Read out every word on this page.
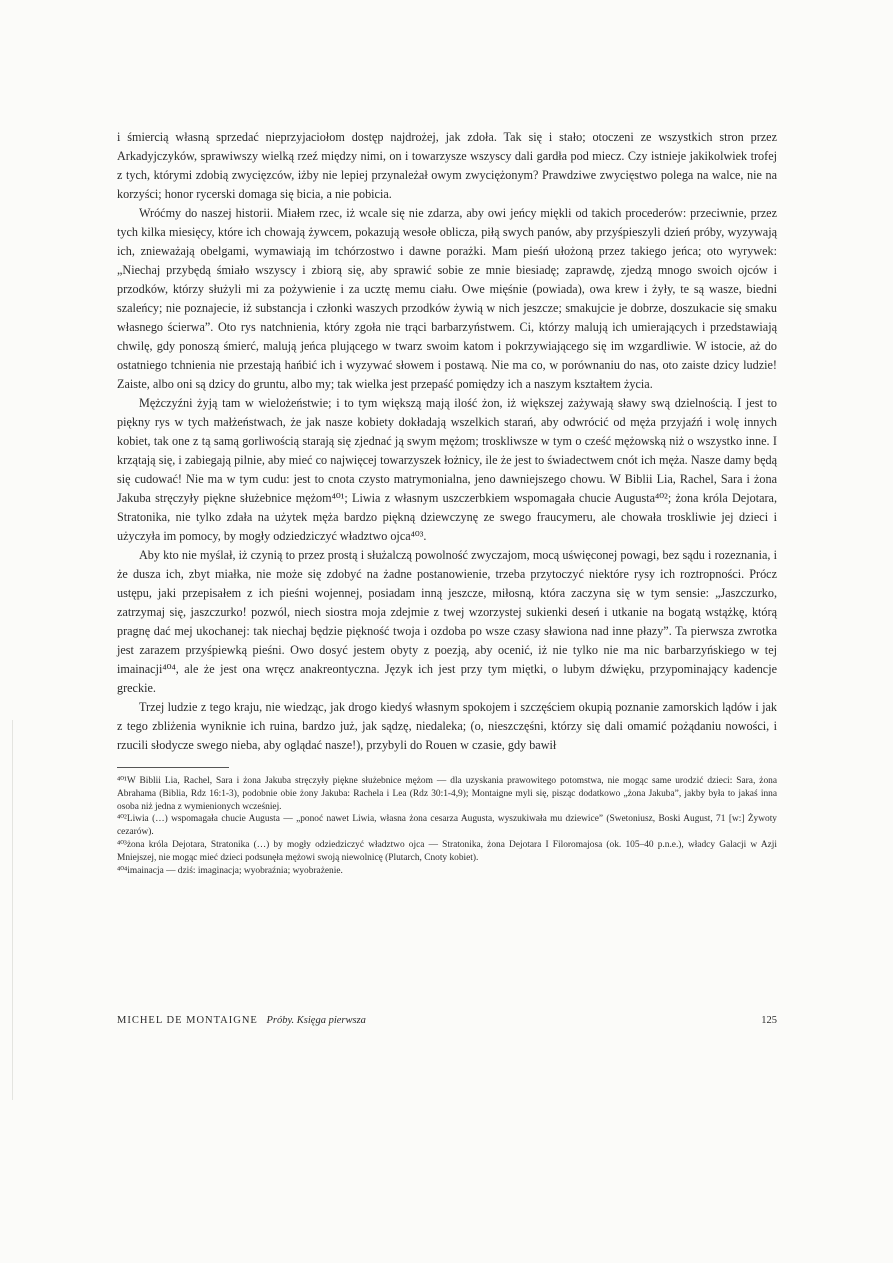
i śmiercią własną sprzedać nieprzyjaciołom dostęp najdrożej, jak zdoła. Tak się i stało; otoczeni ze wszystkich stron przez Arkadyjczyków, sprawiwszy wielką rzeź między nimi, on i towarzysze wszyscy dali gardła pod miecz. Czy istnieje jakikolwiek trofej z tych, którymi zdobią zwycięzców, iżby nie lepiej przynależał owym zwyciężonym? Prawdziwe zwycięstwo polega na walce, nie na korzyści; honor rycerski domaga się bicia, a nie pobicia.

Wróćmy do naszej historii. Miałem rzec, iż wcale się nie zdarza, aby owi jeńcy miękli od takich procederów: przeciwnie, przez tych kilka miesięcy, które ich chowają żywcem, pokazują wesołe oblicza, piłą swych panów, aby przyśpieszyli dzień próby, wyzywają ich, znieważają obelgami, wymawiają im tchórzostwo i dawne porażki. Mam pieśń ułożoną przez takiego jeńca; oto wyrywek: „Niechaj przybędą śmiało wszyscy i zbiorą się, aby sprawić sobie ze mnie biesiadę; zaprawdę, zjedzą mnogo swoich ojców i przodków, którzy służyli mi za pożywienie i za ucztę memu ciału. Owe mięśnie (powiada), owa krew i żyły, te są wasze, biedni szaleńcy; nie poznajecie, iż substancja i członki waszych przodków żywią w nich jeszcze; smakujcie je dobrze, doszukacie się smaku własnego ścierwa”. Oto rys natchnienia, który zgoła nie trąci barbarzyństwem. Ci, którzy malują ich umierających i przedstawiają chwilę, gdy ponoszą śmierć, malują jeńca plującego w twarz swoim katom i pokrzywiającego się im wzgardliwie. W istocie, aż do ostatniego tchnienia nie przestają hańbić ich i wyzywać słowem i postawą. Nie ma co, w porównaniu do nas, oto zaiste dzicy ludzie! Zaiste, albo oni są dzicy do gruntu, albo my; tak wielka jest przepaść pomiędzy ich a naszym kształtem życia.

Mężczyźni żyją tam w wielożeństwie; i to tym większą mają ilość żon, iż większej zażywają sławy swą dzielnością. I jest to piękny rys w tych małżeństwach, że jak nasze kobiety dokładają wszelkich starań, aby odwrócić od męża przyjaźń i wolę innych kobiet, tak one z tą samą gorliwością starają się zjednać ją swym mężom; troskliwsze w tym o cześć mężowską niż o wszystko inne. I krzątają się, i zabiegają pilnie, aby mieć co najwięcej towarzyszek łożnicy, ile że jest to świadectwem cnót ich męża. Nasze damy będą się cudować! Nie ma w tym cudu: jest to cnota czysto matrymonialna, jeno dawniejszego chowu. W Biblii Lia, Rachel, Sara i żona Jakuba stręczyły piękne służebnice mężom⁴⁰¹; Liwia z własnym uszczerbkiem wspomagała chucie Augusta⁴⁰²; żona króla Dejotara, Stratonika, nie tylko zdała na użytek męża bardzo piękną dziewczynę ze swego fraucymeru, ale chowała troskliwie jej dzieci i użyczyła im pomocy, by mogły odziedziczyć władztwo ojca⁴⁰³.

Aby kto nie myślał, iż czynią to przez prostą i służalczą powolność zwyczajom, mocą uświęconej powagi, bez sądu i rozeznania, i że dusza ich, zbyt miałka, nie może się zdobyć na żadne postanowienie, trzeba przytoczyć niektóre rysy ich roztropności. Prócz ustępu, jaki przepisałem z ich pieśni wojennej, posiadam inną jeszcze, miłosną, która zaczyna się w tym sensie: „Jaszczurko, zatrzymaj się, jaszczurko! pozwól, niech siostra moja zdejmie z twej wzorzystej sukienki deseń i utkanie na bogatą wstążkę, którą pragnę dać mej ukochanej: tak niechaj będzie piękność twoja i ozdoba po wsze czasy sławiona nad inne płazy”. Ta pierwsza zwrotka jest zarazem przyśpiewką pieśni. Owo dosyć jestem obyty z poezją, aby ocenić, iż nie tylko nie ma nic barbarzyńskiego w tej imainacji⁴⁰⁴, ale że jest ona wręcz anakreontyczna. Język ich jest przy tym miętki, o lubym dźwięku, przypominający kadencje greckie.

Trzej ludzie z tego kraju, nie wiedząc, jak drogo kiedyś własnym spokojem i szczęściem okupią poznanie zamorskich lądów i jak z tego zbliżenia wyniknie ich ruina, bardzo już, jak sądzę, niedaleka; (o, nieszczęśni, którzy się dali omamić pożądaniu nowości, i rzucili słodycze swego nieba, aby oglądać nasze!), przybyli do Rouen w czasie, gdy bawił

⁴⁰¹W Biblii Lia, Rachel, Sara i żona Jakuba stręczyły piękne służebnice mężom — dla uzyskania prawowitego potomstwa, nie mogąc same urodzić dzieci: Sara, żona Abrahama (Biblia, Rdz 16:1-3), podobnie obie żony Jakuba: Rachela i Lea (Rdz 30:1-4,9); Montaigne myli się, pisząc dodatkowo „żona Jakuba”, jakby była to jakaś inna osoba niż jedna z wymienionych wcześniej.

⁴⁰²Liwia (…) wspomagała chucie Augusta — „ponoć nawet Liwia, własna żona cesarza Augusta, wyszukiwała mu dziewice” (Swetoniusz, Boski August, 71 [w:] Żywoty cezarów).

⁴⁰³żona króla Dejotara, Stratonika (…) by mogły odziedziczyć władztwo ojca — Stratonika, żona Dejotara I Filoromajosa (ok. 105–40 p.n.e.), władcy Galacji w Azji Mniejszej, nie mogąc mieć dzieci podsunęła mężowi swoją niewolnicę (Plutarch, Cnoty kobiet).

⁴⁰⁴imainacja — dziś: imaginacja; wyobraźnia; wyobrażenie.

MICHEL DE MONTAIGNE Próby. Księga pierwsza	125
